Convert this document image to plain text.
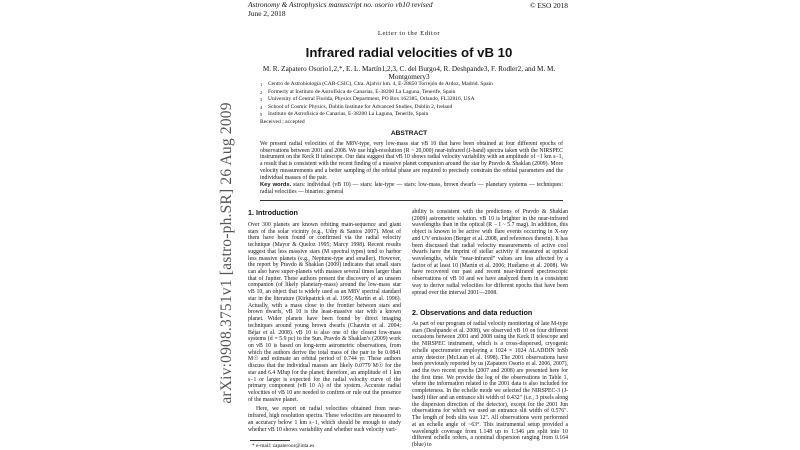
arXiv:0908.3751v1 [astro-ph.SR] 26 Aug 2009
Astronomy & Astrophysics manuscript no. osorio vb10 revised
June 2, 2018
© ESO 2018
Letter to the Editor
Infrared radial velocities of vB 10
M. R. Zapatero Osorio1,2,*, E. L. Martín1,2,3, C. del Burgo4, R. Deshpande3, F. Rodler2, and M. M. Montgomery3
1 Centro de Astrobiología (CAB-CSIC), Ctra. Ajalvir km. 4, E-28850 Torrejón de Ardoz, Madrid. Spain
2 Formerly at Instituto de Astrofísica de Canarias, E-38200 La Laguna, Tenerife, Spain
3 University of Central Florida, Physics Department, PO Box 162385, Orlando, FL32816, USA
4 School of Cosmic Physics, Dublin Institute for Advanced Studies, Dublin 2, Ireland
5 Instituto de Astrofísica de Canarias, E-38200 La Laguna, Tenerife, Spain
Received ; accepted
ABSTRACT
We present radial velocities of the M8V-type, very low-mass star vB 10 that have been obtained at four different epochs of observations between 2001 and 2008. We use high-resolution (R ~ 20,000) near-infrared (J-band) spectra taken with the NIRSPEC instrument on the Keck II telescope. Our data suggest that vB 10 shows radial velocity variability with an amplitude of ~1 km s−1, a result that is consistent with the recent finding of a massive planet companion around the star by Pravdo & Shaklan (2009). More velocity measurements and a better sampling of the orbital phase are required to precisely constrain the orbital parameters and the individual masses of the pair.
Key words. stars: individual (vB 10) — stars: late-type — stars: low-mass, brown dwarfs — planetary systems — techniques: radial velocities — binaries: general
1. Introduction

Over 300 planets are known orbiting main-sequence and giant stars of the solar vicinity (e.g., Udry & Santos 2007). Most of them have been found or confirmed via the radial velocity technique (Mayor & Queloz 1995; Marcy 1998). Recent results suggest that less massive stars (M spectral types) tend to harbor less massive planets (e.g., Neptune-type and smaller). However, the report by Pravdo & Shaklan (2009) indicates that small stars can also have super-planets with masses several times larger than that of Jupiter. These authors present the discovery of an unseen companion (of likely planetary-mass) around the low-mass star vB 10, an object that is widely used as an M8V spectral standard star in the literature (Kirkpatrick et al. 1995; Martín et al. 1996). Actually, with a mass close to the frontier between stars and brown dwarfs, vB 10 is the least-massive star with a known planet. Wider planets have been found by direct imaging techniques around young brown dwarfs (Chauvin et al. 2004; Béjar et al. 2008). vB 10 is also one of the closest low-mass systems (d = 5.9 pc) to the Sun. Pravdo & Shaklan’s (2009) work on vB 10 is based on long-term astrometric observations, from which the authors derive the total mass of the pair to be 0.0841 M☉ and estimate an orbital period of 0.744 yr. These authors discuss that the individual masses are likely 0.0779 M☉ for the star and 6.4 MJup for the planet; therefore, an amplitude of 1 km s−1 or larger is expected for the radial velocity curve of the primary component (vB 10 A) of the system. Accurate radial velocities of vB 10 are needed to confirm or rule out the presence of the massive planet.

Here, we report on radial velocities obtained from near-infrared, high resolution spectra. These velocities are measured to an accuracy below 1 km s−1, which should be enough to study whether vB 10 shows variability and whether such velocity vari-

ability is consistent with the predictions of Pravdo & Shaklan (2009) astrometric solution. vB 10 is brighter in the near-infrared wavelengths than in the optical (R − I ~ 5.7 mag). In addition, this object is known to be active with flare events occurring in X-ray and UV emission (Berger et al. 2008, and references therein). It has been discussed that radial velocity measurements of active cool dwarfs have the imprint of stellar activity if measured at optical wavelengths, while “near-infrared” values are less affected by a factor of at least 10 (Martín et al. 2006; Huélamo et al. 2008). We have recovered our past and recent near-infrared spectroscopic observations of vB 10 and we have analyzed them in a consistent way to derive radial velocities for different epochs that have been spread over the interval 2001—2008.

2. Observations and data reduction

As part of our program of radial velocity monitoring of late M-type stars (Deshpande et al. 2008), we observed vB 10 on four different occasions between 2001 and 2008 using the Keck II telescope and the NIRSPEC instrument, which is a cross-dispersed, cryogenic echelle spectrometer employing a 1024 × 1024 ALADDIN InSb array detector (McLean et al. 1998). The 2001 observations have been previously reported by us (Zapatero Osorio et al. 2006, 2007), and the two recent epochs (2007 and 2008) are presented here for the first time. We provide the log of the observations in Table 1, where the information related to the 2001 data is also included for completeness. In the echelle mode we selected the NIRSPEC-3 (J-band) filter and an entrance slit width of 0.432″ (i.e., 3 pixels along the dispersion direction of the detector), except for the 2001 Jun observations for which we used an entrance slit width of 0.576″. The length of both slits was 12″. All observations were performed at an echelle angle of ~63°. This instrumental setup provided a wavelength coverage from 1.148 up to 1.346 μm split into 10 different echelle orders, a nominal dispersion ranging from 0.164 (blue) to

* e-mail: zapateroor@inta.es
